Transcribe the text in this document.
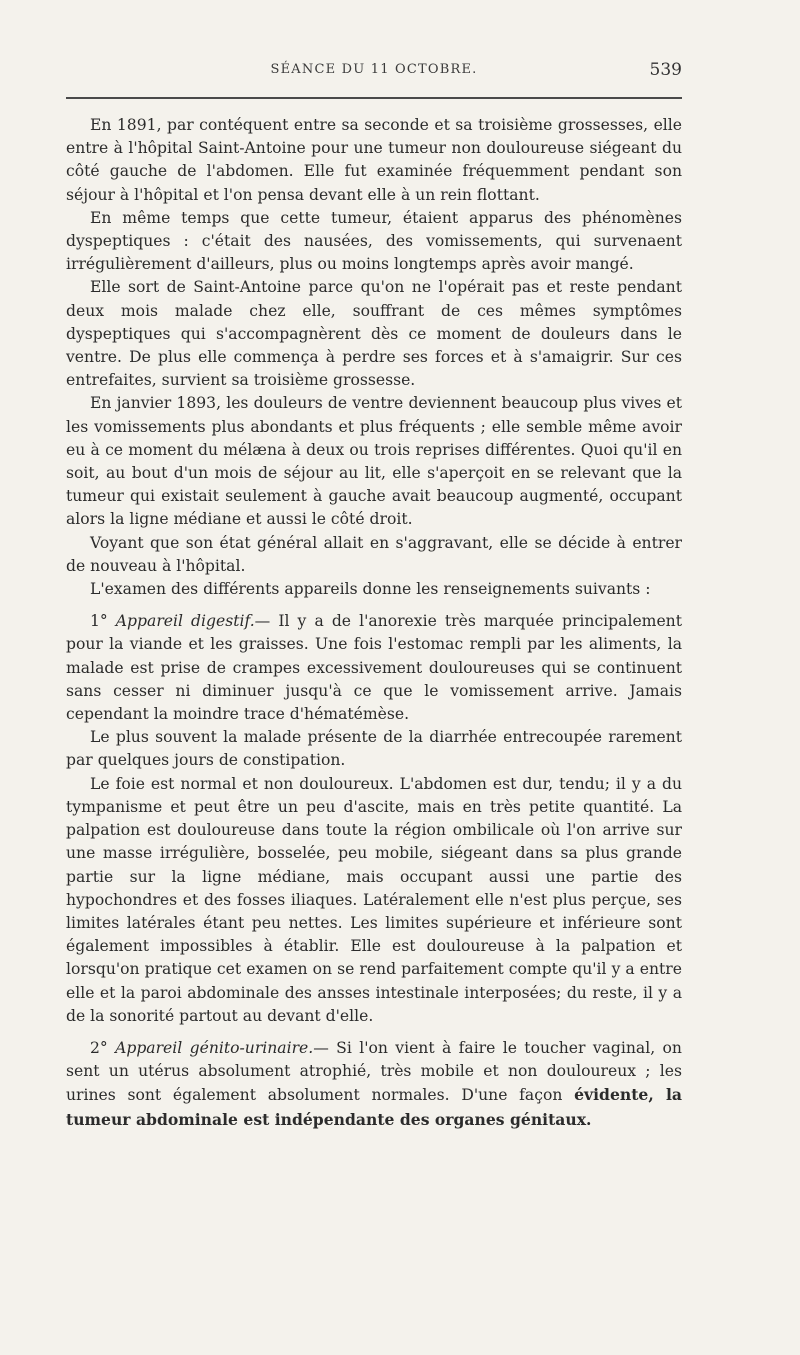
SÉANCE DU 11 OCTOBRE.	539

En 1891, par contéquent entre sa seconde et sa troisième grossesses, elle entre à l'hôpital Saint-Antoine pour une tumeur non douloureuse siégeant du côté gauche de l'abdomen. Elle fut examinée fréquemment pendant son séjour à l'hôpital et l'on pensa devant elle à un rein flottant.

En même temps que cette tumeur, étaient apparus des phénomènes dyspeptiques : c'était des nausées, des vomissements, qui survenaent irrégulièrement d'ailleurs, plus ou moins longtemps après avoir mangé.

Elle sort de Saint-Antoine parce qu'on ne l'opérait pas et reste pendant deux mois malade chez elle, souffrant de ces mêmes symptômes dyspeptiques qui s'accompagnèrent dès ce moment de douleurs dans le ventre. De plus elle commença à perdre ses forces et à s'amaigrir. Sur ces entrefaites, survient sa troisième grossesse.

En janvier 1893, les douleurs de ventre deviennent beaucoup plus vives et les vomissements plus abondants et plus fréquents ; elle semble même avoir eu à ce moment du mélæna à deux ou trois reprises différentes. Quoi qu'il en soit, au bout d'un mois de séjour au lit, elle s'aperçoit en se relevant que la tumeur qui existait seulement à gauche avait beaucoup augmenté, occupant alors la ligne médiane et aussi le côté droit.

Voyant que son état général allait en s'aggravant, elle se décide à entrer de nouveau à l'hôpital.

L'examen des différents appareils donne les renseignements suivants :

1° Appareil digestif.— Il y a de l'anorexie très marquée principalement pour la viande et les graisses. Une fois l'estomac rempli par les aliments, la malade est prise de crampes excessivement douloureuses qui se continuent sans cesser ni diminuer jusqu'à ce que le vomissement arrive. Jamais cependant la moindre trace d'hématémèse.

Le plus souvent la malade présente de la diarrhée entrecoupée rarement par quelques jours de constipation.

Le foie est normal et non douloureux. L'abdomen est dur, tendu; il y a du tympanisme et peut être un peu d'ascite, mais en très petite quantité. La palpation est douloureuse dans toute la région ombilicale où l'on arrive sur une masse irrégulière, bosselée, peu mobile, siégeant dans sa plus grande partie sur la ligne médiane, mais occupant aussi une partie des hypochondres et des fosses iliaques. Latéralement elle n'est plus perçue, ses limites latérales étant peu nettes. Les limites supérieure et inférieure sont également impossibles à établir. Elle est douloureuse à la palpation et lorsqu'on pratique cet examen on se rend parfaitement compte qu'il y a entre elle et la paroi abdominale des ansses intestinale interposées; du reste, il y a de la sonorité partout au devant d'elle.

2° Appareil génito-urinaire.— Si l'on vient à faire le toucher vaginal, on sent un utérus absolument atrophié, très mobile et non douloureux ; les urines sont également absolument normales. D'une façon évidente, la tumeur abdominale est indépendante des organes génitaux.
